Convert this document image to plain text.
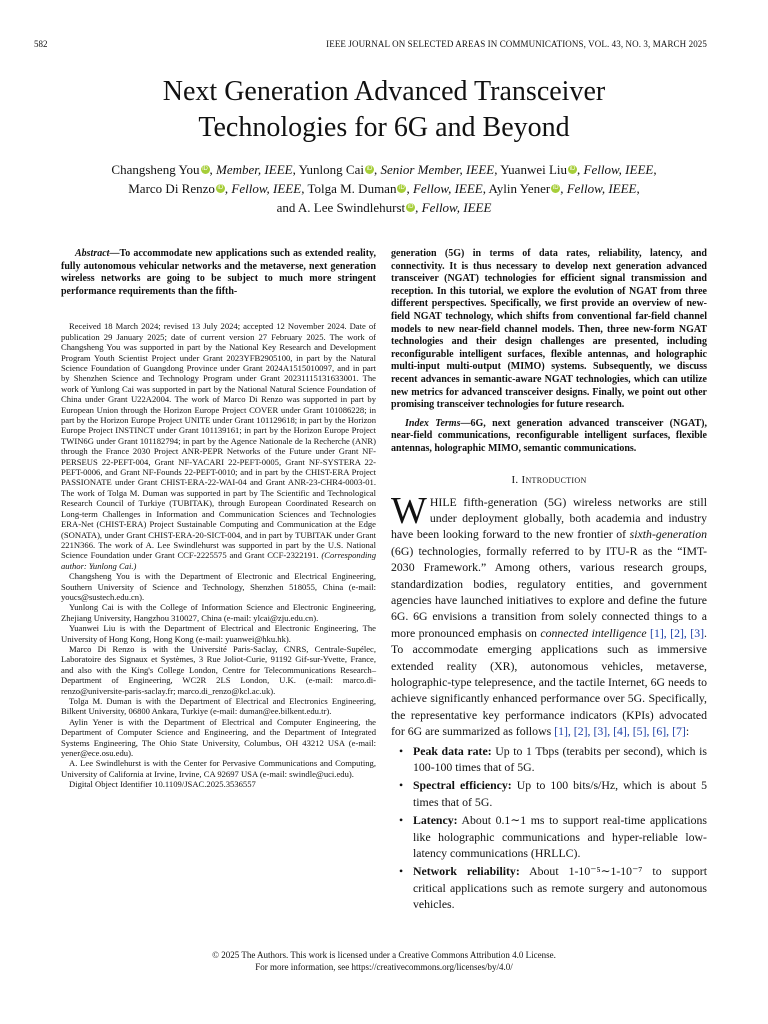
582	IEEE JOURNAL ON SELECTED AREAS IN COMMUNICATIONS, VOL. 43, NO. 3, MARCH 2025
Next Generation Advanced Transceiver
Technologies for 6G and Beyond
Changsheng You iD , Member, IEEE, Yunlong Cai iD , Senior Member, IEEE, Yuanwei Liu iD , Fellow, IEEE,
Marco Di Renzo iD , Fellow, IEEE, Tolga M. Duman iD , Fellow, IEEE, Aylin Yener iD , Fellow, IEEE,
and A. Lee Swindlehurst iD , Fellow, IEEE

Abstract—To accommodate new applications such as extended reality, fully autonomous vehicular networks and the metaverse, next generation wireless networks are going to be subject to much more stringent performance requirements than the fifth-

Received 18 March 2024; revised 13 July 2024; accepted 12 November 2024. Date of publication 29 January 2025; date of current version 27 February 2025. The work of Changsheng You was supported in part by the National Key Research and Development Program Youth Scientist Project under Grant 2023YFB2905100, in part by the Natural Science Foundation of Guangdong Province under Grant 2024A1515010097, and in part by Shenzhen Science and Technology Program under Grant 20231115131633001. The work of Yunlong Cai was supported in part by the National Natural Science Foundation of China under Grant U22A2004. The work of Marco Di Renzo was supported in part by European Union through the Horizon Europe Project COVER under Grant 101086228; in part by the Horizon Europe Project UNITE under Grant 101129618; in part by the Horizon Europe Project INSTINCT under Grant 101139161; in part by the Horizon Europe Project TWIN6G under Grant 101182794; in part by the Agence Nationale de la Recherche (ANR) through the France 2030 Project ANR-PEPR Networks of the Future under Grant NF-PERSEUS 22-PEFT-004, Grant NF-YACARI 22-PEFT-0005, Grant NF-SYSTERA 22-PEFT-0006, and Grant NF-Founds 22-PEFT-0010; and in part by the CHIST-ERA Project PASSIONATE under Grant CHIST-ERA-22-WAI-04 and Grant ANR-23-CHR4-0003-01. The work of Tolga M. Duman was supported in part by The Scientific and Technological Research Council of Turkiye (TUBITAK), through European Coordinated Research on Long-term Challenges in Information and Communication Sciences and Technologies ERA-Net (CHIST-ERA) Project Sustainable Computing and Communication at the Edge (SONATA), under Grant CHIST-ERA-20-SICT-004, and in part by TUBITAK under Grant 221N366. The work of A. Lee Swindlehurst was supported in part by the U.S. National Science Foundation under Grant CCF-2225575 and Grant CCF-2322191. (Corresponding author: Yunlong Cai.)

Changsheng You is with the Department of Electronic and Electrical Engineering, Southern University of Science and Technology, Shenzhen 518055, China (e-mail: youcs@sustech.edu.cn).

Yunlong Cai is with the College of Information Science and Electronic Engineering, Zhejiang University, Hangzhou 310027, China (e-mail: ylcai@zju.edu.cn).

Yuanwei Liu is with the Department of Electrical and Electronic Engineering, The University of Hong Kong, Hong Kong (e-mail: yuanwei@hku.hk).

Marco Di Renzo is with the Université Paris-Saclay, CNRS, Centrale-Supélec, Laboratoire des Signaux et Systèmes, 3 Rue Joliot-Curie, 91192 Gif-sur-Yvette, France, and also with the King's College London, Centre for Telecommunications Research–Department of Engineering, WC2R 2LS London, U.K. (e-mail: marco.di-renzo@universite-paris-saclay.fr; marco.di_renzo@kcl.ac.uk).

Tolga M. Duman is with the Department of Electrical and Electronics Engineering, Bilkent University, 06800 Ankara, Turkiye (e-mail: duman@ee.bilkent.edu.tr).

Aylin Yener is with the Department of Electrical and Computer Engineering, the Department of Computer Science and Engineering, and the Department of Integrated Systems Engineering, The Ohio State University, Columbus, OH 43212 USA (e-mail: yener@ece.osu.edu).

A. Lee Swindlehurst is with the Center for Pervasive Communications and Computing, University of California at Irvine, Irvine, CA 92697 USA (e-mail: swindle@uci.edu).

Digital Object Identifier 10.1109/JSAC.2025.3536557

generation (5G) in terms of data rates, reliability, latency, and connectivity. It is thus necessary to develop next generation advanced transceiver (NGAT) technologies for efficient signal transmission and reception. In this tutorial, we explore the evolution of NGAT from three different perspectives. Specifically, we first provide an overview of new-field NGAT technology, which shifts from conventional far-field channel models to new near-field channel models. Then, three new-form NGAT technologies and their design challenges are presented, including reconfigurable intelligent surfaces, flexible antennas, and holographic multi-input multi-output (MIMO) systems. Subsequently, we discuss recent advances in semantic-aware NGAT technologies, which can utilize new metrics for advanced transceiver designs. Finally, we point out other promising transceiver technologies for future research.

Index Terms—6G, next generation advanced transceiver (NGAT), near-field communications, reconfigurable intelligent surfaces, flexible antennas, holographic MIMO, semantic communications.

I. Introduction

WHILE fifth-generation (5G) wireless networks are still under deployment globally, both academia and industry have been looking forward to the new frontier of sixth-generation (6G) technologies, formally referred to by ITU-R as the “IMT-2030 Framework.” Among others, various research groups, standardization bodies, regulatory entities, and government agencies have launched initiatives to explore and define the future 6G. 6G envisions a transition from solely connected things to a more pronounced emphasis on connected intelligence [1], [2], [3]. To accommodate emerging applications such as immersive extended reality (XR), autonomous vehicles, metaverse, holographic-type telepresence, and the tactile Internet, 6G needs to achieve significantly enhanced performance over 5G. Specifically, the representative key performance indicators (KPIs) advocated for 6G are summarized as follows [1], [2], [3], [4], [5], [6], [7]:

• Peak data rate: Up to 1 Tbps (terabits per second), which is 100-100 times that of 5G.
• Spectral efficiency: Up to 100 bits/s/Hz, which is about 5 times that of 5G.
• Latency: About 0.1∼1 ms to support real-time applications like holographic communications and hyper-reliable low-latency communications (HRLLC).
• Network reliability: About 1-10⁻⁵∼1-10⁻⁷ to support critical applications such as remote surgery and autonomous vehicles.
© 2025 The Authors. This work is licensed under a Creative Commons Attribution 4.0 License.
For more information, see https://creativecommons.org/licenses/by/4.0/
